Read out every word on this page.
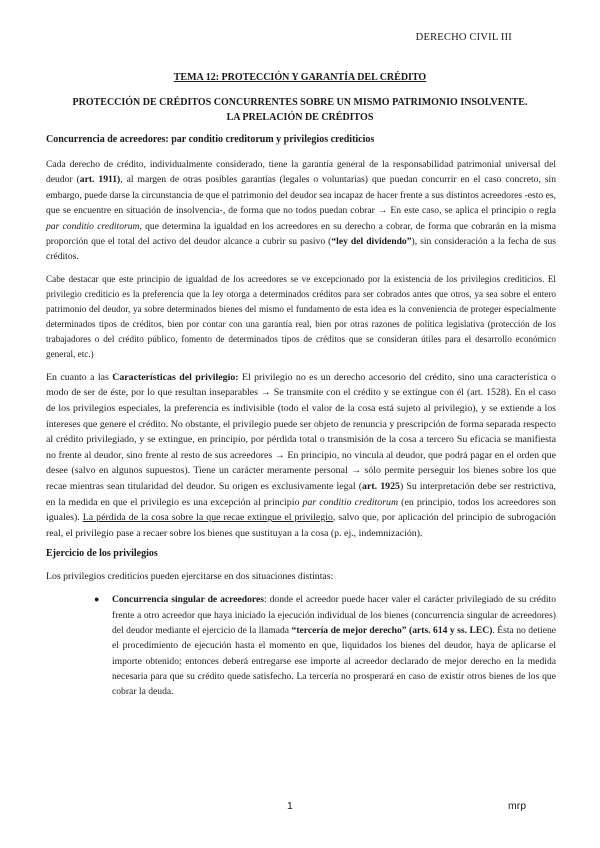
DERECHO CIVIL III
TEMA 12: PROTECCIÓN Y GARANTÍA DEL CRÉDITO
PROTECCIÓN DE CRÉDITOS CONCURRENTES SOBRE UN MISMO PATRIMONIO INSOLVENTE. LA PRELACIÓN DE CRÉDITOS
Concurrencia de acreedores: par conditio creditorum y privilegios crediticios

Cada derecho de crédito, individualmente considerado, tiene la garantía general de la responsabilidad patrimonial universal del deudor (art. 1911), al margen de otras posibles garantías (legales o voluntarias) que puedan concurrir en el caso concreto, sin embargo, puede darse la circunstancia de que el patrimonio del deudor sea incapaz de hacer frente a sus distintos acreedores -esto es, que se encuentre en situación de insolvencia-, de forma que no todos puedan cobrar → En este caso, se aplica el principio o regla par conditio creditorum, que determina la igualdad en los acreedores en su derecho a cobrar, de forma que cobrarán en la misma proporción que el total del activo del deudor alcance a cubrir su pasivo (“ley del dividendo”), sin consideración a la fecha de sus créditos.

Cabe destacar que este principio de igualdad de los acreedores se ve excepcionado por la existencia de los privilegios crediticios. El privilegio crediticio es la preferencia que la ley otorga a determinados créditos para ser cobrados antes que otros, ya sea sobre el entero patrimonio del deudor, ya sobre determinados bienes del mismo el fundamento de esta idea es la conveniencia de proteger especialmente determinados tipos de créditos, bien por contar con una garantía real, bien por otras razones de política legislativa (protección de los trabajadores o del crédito público, fomento de determinados tipos de créditos que se consideran útiles para el desarrollo económico general, etc.)

En cuanto a las Características del privilegio: El privilegio no es un derecho accesorio del crédito, sino una característica o modo de ser de éste, por lo que resultan inseparables → Se transmite con el crédito y se extingue con él (art. 1528). En el caso de los privilegios especiales, la preferencia es indivisible (todo el valor de la cosa está sujeto al privilegio), y se extiende a los intereses que genere el crédito. No obstante, el privilegio puede ser objeto de renuncia y prescripción de forma separada respecto al crédito privilegiado, y se extingue, en principio, por pérdida total o transmisión de la cosa a tercero Su eficacia se manifiesta no frente al deudor, sino frente al resto de sus acreedores → En principio, no vincula al deudor, que podrá pagar en el orden que desee (salvo en algunos supuestos). Tiene un carácter meramente personal → sólo permite perseguir los bienes sobre los que recae mientras sean titularidad del deudor. Su origen es exclusivamente legal (art. 1925) Su interpretación debe ser restrictiva, en la medida en que el privilegio es una excepción al principio par conditio creditorum (en principio, todos los acreedores son iguales). La pérdida de la cosa sobre la que recae extingue el privilegio, salvo que, por aplicación del principio de subrogación real, el privilegio pase a recaer sobre los bienes que sustituyan a la cosa (p. ej., indemnización).

Ejercicio de los privilegios

Los privilegios crediticios pueden ejercitarse en dos situaciones distintas:

● Concurrencia singular de acreedores: donde el acreedor puede hacer valer el carácter privilegiado de su crédito frente a otro acreedor que haya iniciado la ejecución individual de los bienes (concurrencia singular de acreedores) del deudor mediante el ejercicio de la llamada “tercería de mejor derecho” (arts. 614 y ss. LEC). Ésta no detiene el procedimiento de ejecución hasta el momento en que, liquidados los bienes del deudor, haya de aplicarse el importe obtenido; entonces deberá entregarse ese importe al acreedor declarado de mejor derecho en la medida necesaria para que su crédito quede satisfecho. La tercería no prosperará en caso de existir otros bienes de los que cobrar la deuda.
1	mrp
